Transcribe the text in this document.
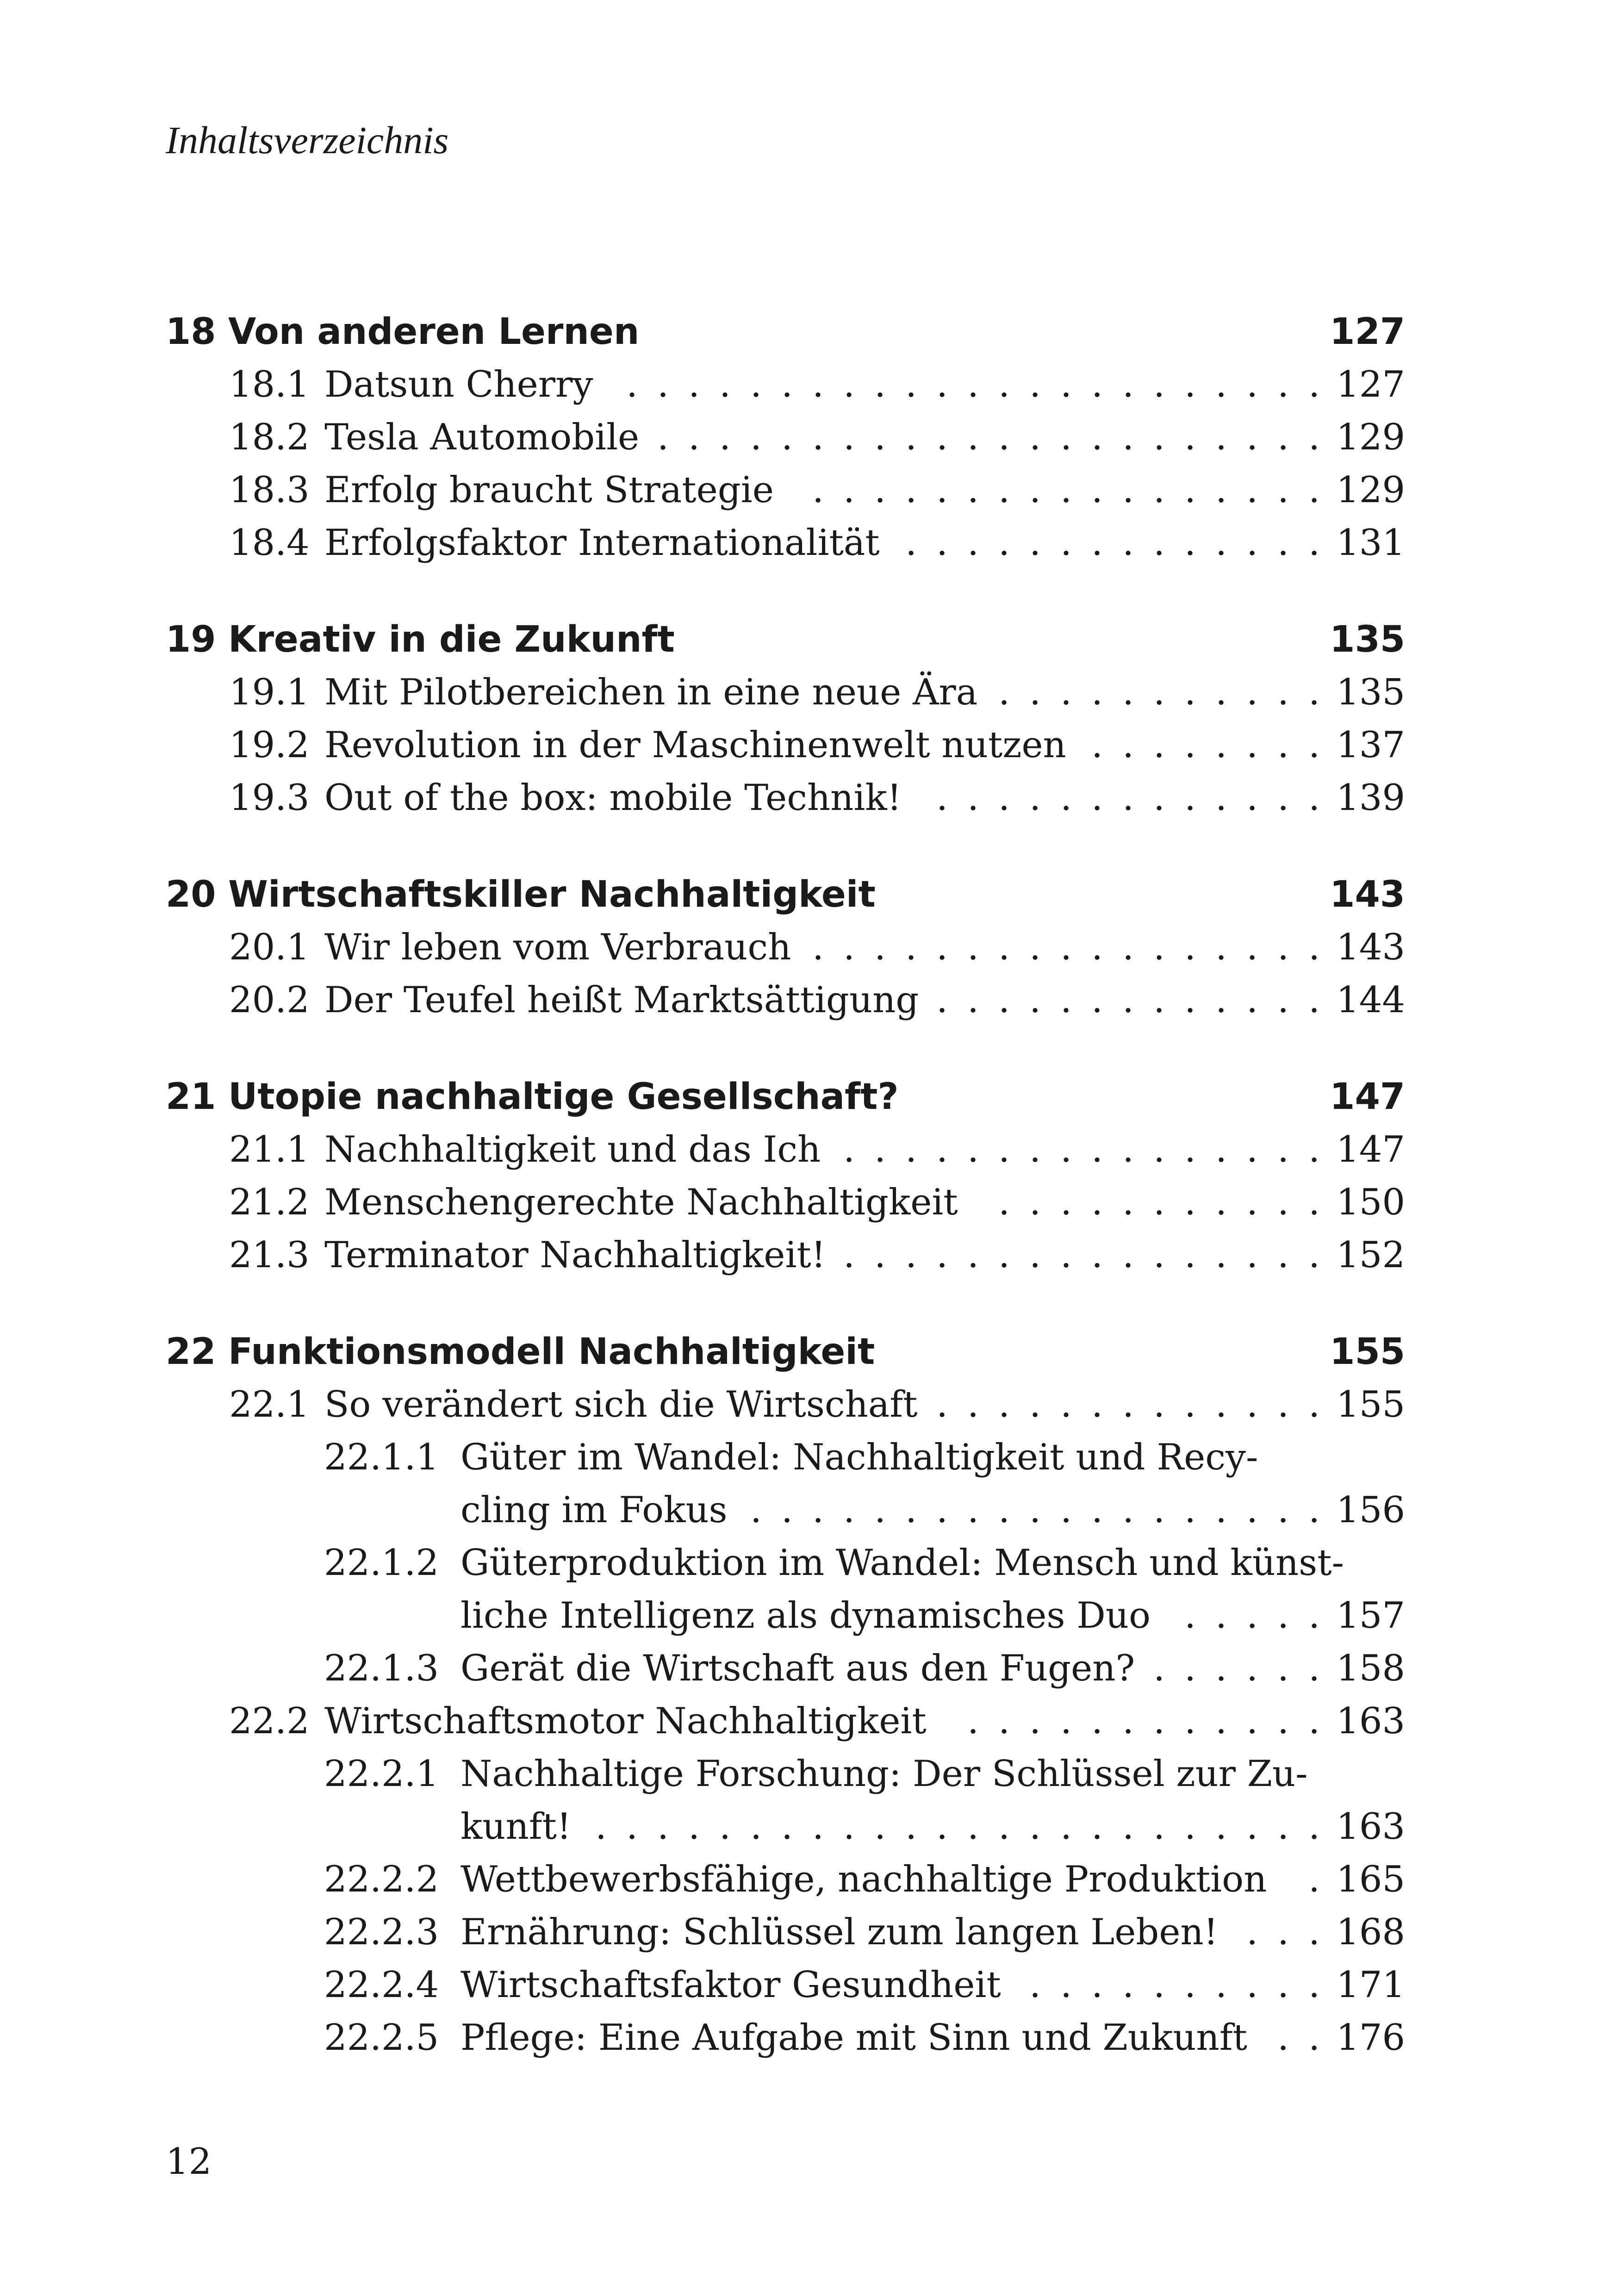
Inhaltsverzeichnis
18 Von anderen Lernen	127
18.1 Datsun Cherry	127
. . . . . . . . . . . . . . . . . . . . . . .
18.2 Tesla Automobile	129
. . . . . . . . . . . . . . . . . . . . . .
18.3 Erfolg braucht Strategie	129
. . . . . . . . . . . . . . . . .
18.4 Erfolgsfaktor Internationalität	131
. . . . . . . . . . . . . .
19 Kreativ in die Zukunft	135
19.1 Mit Pilotbereichen in eine neue Ära	135
. . . . . . . . . . .
19.2 Revolution in der Maschinenwelt nutzen	137
. . . . . . . .
19.3 Out of the box: mobile Technik!	139
. . . . . . . . . . . . .
20 Wirtschaftskiller Nachhaltigkeit	143
20.1 Wir leben vom Verbrauch	143
. . . . . . . . . . . . . . . . .
20.2 Der Teufel heißt Marktsättigung	144
. . . . . . . . . . . . .
21 Utopie nachhaltige Gesellschaft?	147
21.1 Nachhaltigkeit und das Ich	147
. . . . . . . . . . . . . . . .
21.2 Menschengerechte Nachhaltigkeit	150
. . . . . . . . . . .
21.3 Terminator Nachhaltigkeit!	152
. . . . . . . . . . . . . . . .
22 Funktionsmodell Nachhaltigkeit	155
22.1 So verändert sich die Wirtschaft	155
. . . . . . . . . . . . .
22.1.1 Güter im Wandel: Nachhaltigkeit und Recy-
cling im Fokus	156
. . . . . . . . . . . . . . . . . . .
22.1.2 Güterproduktion im Wandel: Mensch und künst-
liche Intelligenz als dynamisches Duo	157
. . . . .
22.1.3 Gerät die Wirtschaft aus den Fugen?	158
. . . . . .
22.2 Wirtschaftsmotor Nachhaltigkeit	163
. . . . . . . . . . . .
22.2.1 Nachhaltige Forschung: Der Schlüssel zur Zu-
kunft!	163
. . . . . . . . . . . . . . . . . . . . . . . .
22.2.2 Wettbewerbsfähige, nachhaltige Produktion 165
.
22.2.3 Ernährung: Schlüssel zum langen Leben!	168
. . .
22.2.4 Wirtschaftsfaktor Gesundheit	171
. . . . . . . . . .
22.2.5 Pflege: Eine Aufgabe mit Sinn und Zukunft 176
. .
12
